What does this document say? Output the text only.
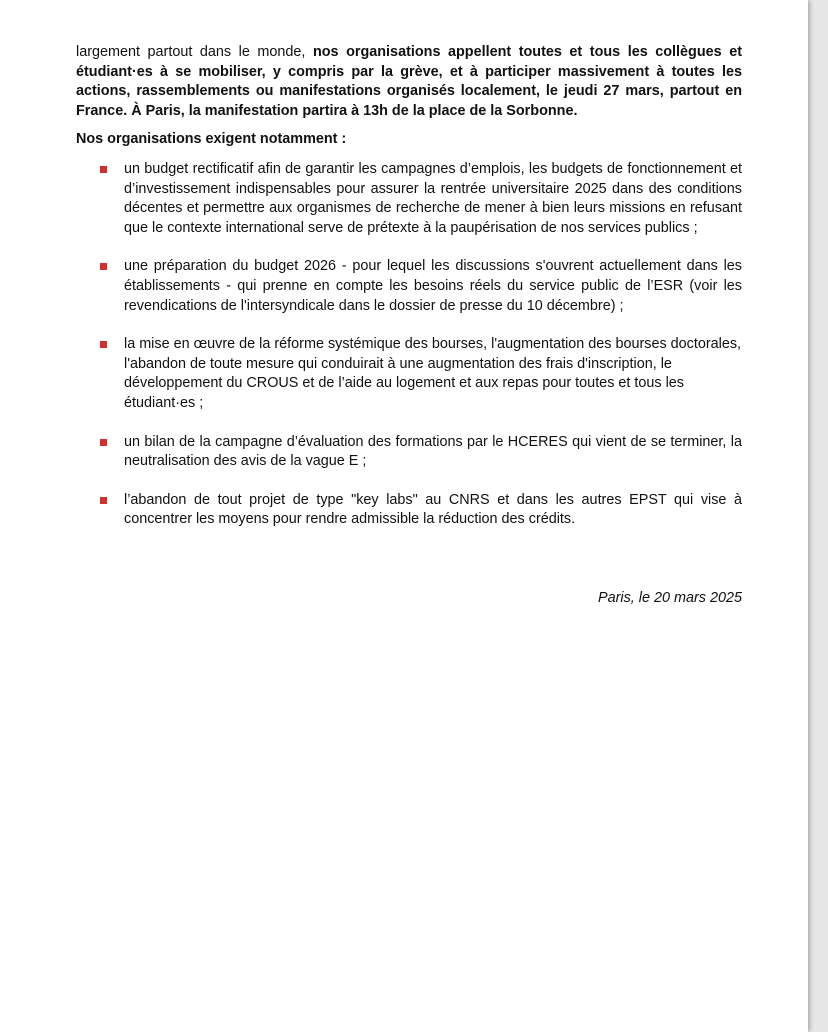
largement partout dans le monde, nos organisations appellent toutes et tous les collègues et étudiant·es à se mobiliser, y compris par la grève, et à participer massivement à toutes les actions, rassemblements ou manifestations organisés localement, le jeudi 27 mars, partout en France. À Paris, la manifestation partira à 13h de la place de la Sorbonne.

Nos organisations exigent notamment :

un budget rectificatif afin de garantir les campagnes d’emplois, les budgets de fonctionnement et d’investissement indispensables pour assurer la rentrée universitaire 2025 dans des conditions décentes et permettre aux organismes de recherche de mener à bien leurs missions en refusant que le contexte international serve de prétexte à la paupérisation de nos services publics ;
une préparation du budget 2026 - pour lequel les discussions s'ouvrent actuellement dans les établissements - qui prenne en compte les besoins réels du service public de l’ESR (voir les revendications de l'intersyndicale dans le dossier de presse du 10 décembre) ;
la mise en œuvre de la réforme systémique des bourses, l'augmentation des bourses doctorales, l'abandon de toute mesure qui conduirait à une augmentation des frais d'inscription, le développement du CROUS et de l’aide au logement et aux repas pour toutes et tous les étudiant·es ;
un bilan de la campagne d’évaluation des formations par le HCERES qui vient de se terminer, la neutralisation des avis de la vague E ;
l’abandon de tout projet de type "key labs" au CNRS et dans les autres EPST qui vise à concentrer les moyens pour rendre admissible la réduction des crédits.
Paris, le 20 mars 2025
